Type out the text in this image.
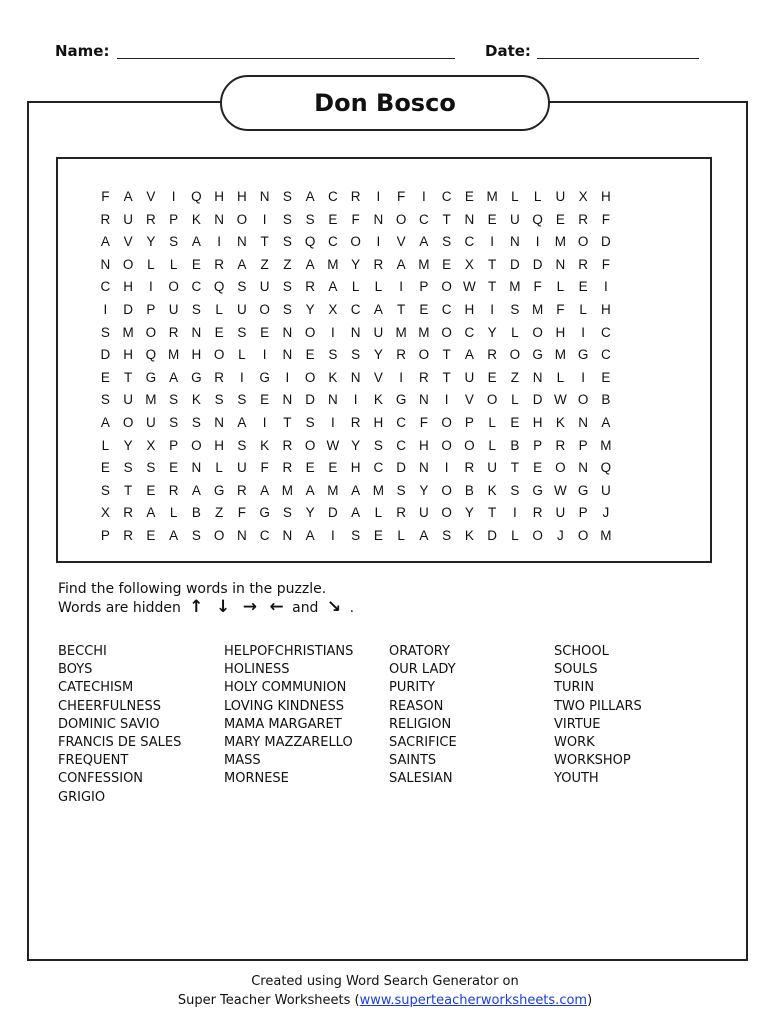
Name:	Date:
Don Bosco
F A V I Q H H N S A C R I F I C E M L L U X H
R U R P K N O I S S E F N O C T N E U Q E R F
A V Y S A I N T S Q C O I V A S C I N I M O D
N O L L E R A Z Z A M Y R A M E X T D D N R F
C H I O C Q S U S R A L L I P O W T M F L E I
I D P U S L U O S Y X C A T E C H I S M F L H
S M O R N E S E N O I N U M M O C Y L O H I C
D H Q M H O L I N E S S Y R O T A R O G M G C
E T G A G R I G I O K N V I R T U E Z N L I E
S U M S K S S E N D N I K G N I V O L D W O B
A O U S S N A I T S I R H C F O P L E H K N A
L Y X P O H S K R O W Y S C H O O L B P R P M
E S S E N L U F R E E H C D N I R U T E O N Q
S T E R A G R A M A M A M S Y O B K S G W G U
X R A L B Z F G S Y D A L R U O Y T I R U P J
P R E A S O N C N A I S E L A S K D L O J O M
Find the following words in the puzzle.
Words are hidden ↑ ↓ → ← and ↘ .
BECCHI
BOYS
CATECHISM
CHEERFULNESS
DOMINIC SAVIO
FRANCIS DE SALES
FREQUENT
CONFESSION
GRIGIO
HELPOFCHRISTIANS
HOLINESS
HOLY COMMUNION
LOVING KINDNESS
MAMA MARGARET
MARY MAZZARELLO
MASS
MORNESE
ORATORY
OUR LADY
PURITY
REASON
RELIGION
SACRIFICE
SAINTS
SALESIAN
SCHOOL
SOULS
TURIN
TWO PILLARS
VIRTUE
WORK
WORKSHOP
YOUTH
Created using Word Search Generator on
Super Teacher Worksheets (www.superteacherworksheets.com)
